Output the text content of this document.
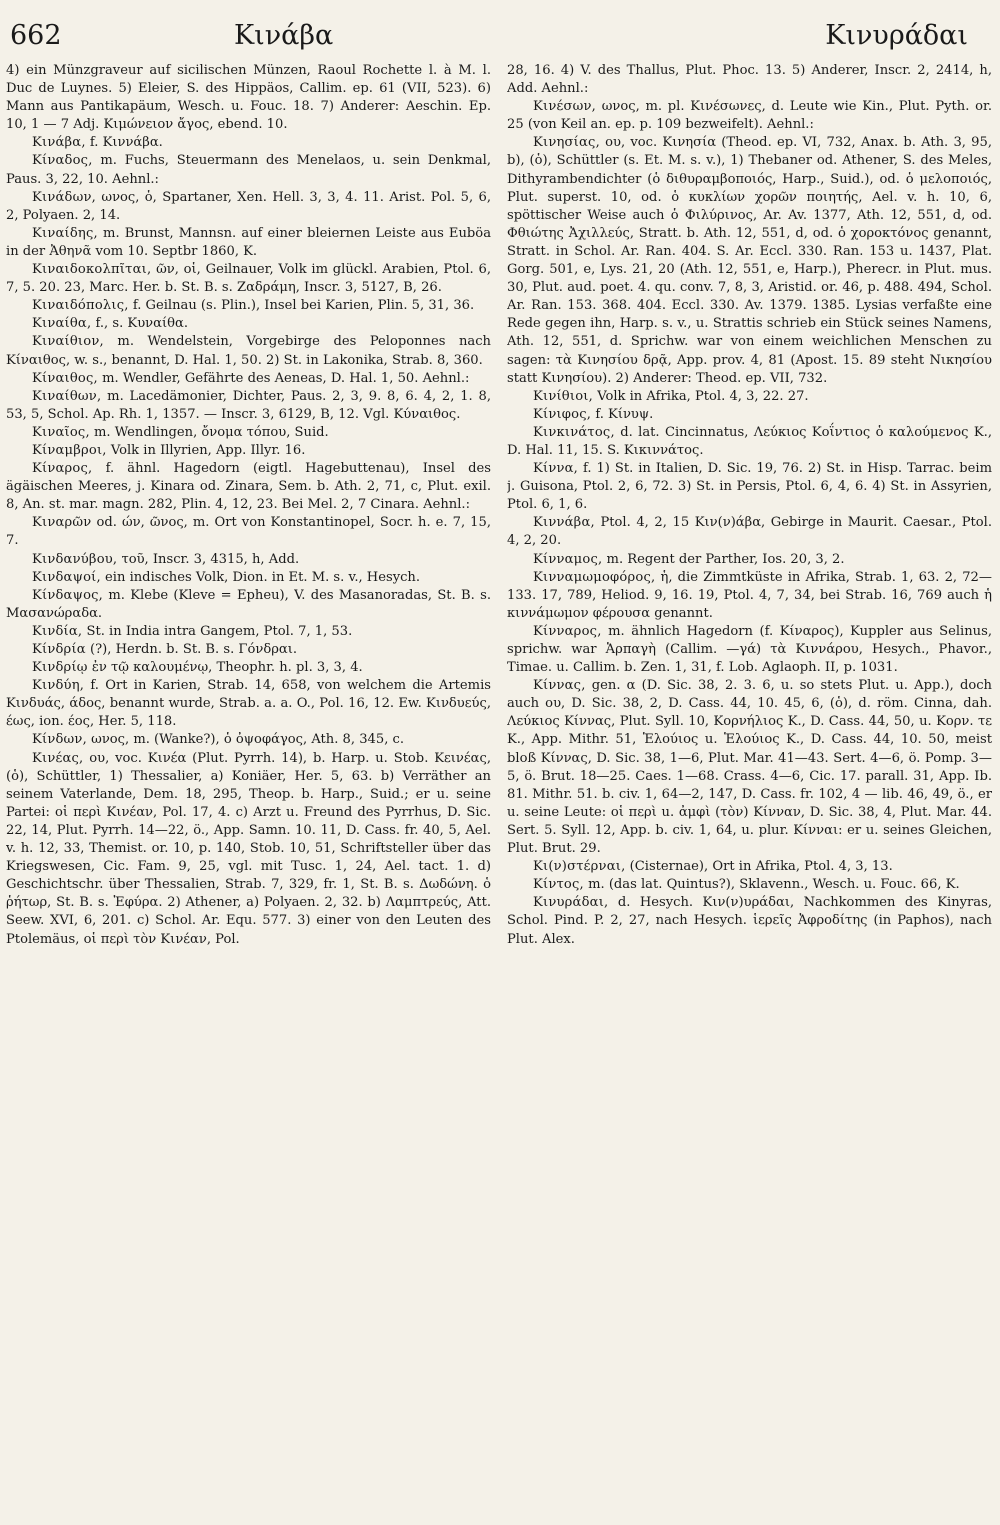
662	Κινάβα	Κινυράδαι

4) ein Münzgraveur auf sicilischen Münzen, Raoul Rochette l. à M. l. Duc de Luynes. 5) Eleier, S. des Hippäos, Callim. ep. 61 (VII, 523). 6) Mann aus Pantikapäum, Wesch. u. Fouc. 18. 7) Anderer: Aeschin. Ep. 10, 1 — 7 Adj. Κιμώνειον ἄγος, ebend. 10.

Κινάβα, f. Κιννάβα.

Κίναδος, m. Fuchs, Steuermann des Menelaos, u. sein Denkmal, Paus. 3, 22, 10. Aehnl.:

Κινάδων, ωνος, ὁ, Spartaner, Xen. Hell. 3, 3, 4. 11. Arist. Pol. 5, 6, 2, Polyaen. 2, 14.

Κιναίδης, m. Brunst, Mannsn. auf einer bleiernen Leiste aus Euböa in der Ἀθηνᾶ vom 10. Septbr 1860, K.

Κιναιδοκολπῖται, ῶν, οἱ, Geilnauer, Volk im glückl. Arabien, Ptol. 6, 7, 5. 20. 23, Marc. Her. b. St. B. s. Ζαδράμη, Inscr. 3, 5127, B, 26.

Κιναιδόπολις, f. Geilnau (s. Plin.), Insel bei Karien, Plin. 5, 31, 36.

Κιναίθα, f., s. Κυναίθα.

Κιναίθιον, m. Wendelstein, Vorgebirge des Peloponnes nach Κίναιθος, w. s., benannt, D. Hal. 1, 50. 2) St. in Lakonika, Strab. 8, 360.

Κίναιθος, m. Wendler, Gefährte des Aeneas, D. Hal. 1, 50. Aehnl.:

Κιναίθων, m. Lacedämonier, Dichter, Paus. 2, 3, 9. 8, 6. 4, 2, 1. 8, 53, 5, Schol. Ap. Rh. 1, 1357. — Inscr. 3, 6129, B, 12. Vgl. Κύναιθος.

Κιναῖος, m. Wendlingen, ὄνομα τόπου, Suid.

Κίναμβροι, Volk in Illyrien, App. Illyr. 16.

Κίναρος, f. ähnl. Hagedorn (eigtl. Hagebuttenau), Insel des ägäischen Meeres, j. Kinara od. Zinara, Sem. b. Ath. 2, 71, c, Plut. exil. 8, An. st. mar. magn. 282, Plin. 4, 12, 23. Bei Mel. 2, 7 Cinara. Aehnl.:

Κιναρῶν od. ών, ῶνος, m. Ort von Konstantinopel, Socr. h. e. 7, 15, 7.

Κινδανύβου, τοῦ, Inscr. 3, 4315, h, Add.

Κινδαψοί, ein indisches Volk, Dion. in Et. M. s. v., Hesych.

Κίνδαψος, m. Klebe (Kleve = Epheu), V. des Masanoradas, St. B. s. Μασανώραδα.

Κινδία, St. in India intra Gangem, Ptol. 7, 1, 53.

Κίνδρία (?), Herdn. b. St. B. s. Γόνδραι.

Κινδρίῳ ἐν τῷ καλουμένῳ, Theophr. h. pl. 3, 3, 4.

Κινδύη, f. Ort in Karien, Strab. 14, 658, von welchem die Artemis Κινδυάς, άδος, benannt wurde, Strab. a. a. O., Pol. 16, 12. Ew. Κινδυεύς, έως, ion. έος, Her. 5, 118.

Κίνδων, ωνος, m. (Wanke?), ὁ ὀψοφάγος, Ath. 8, 345, c.

Κινέας, ου, voc. Κινέα (Plut. Pyrrh. 14), b. Harp. u. Stob. Κεινέας, (ὁ), Schüttler, 1) Thessalier, a) Koniäer, Her. 5, 63. b) Verräther an seinem Vaterlande, Dem. 18, 295, Theop. b. Harp., Suid.; er u. seine Partei: οἱ περὶ Κινέαν, Pol. 17, 4. c) Arzt u. Freund des Pyrrhus, D. Sic. 22, 14, Plut. Pyrrh. 14—22, ö., App. Samn. 10. 11, D. Cass. fr. 40, 5, Ael. v. h. 12, 33, Themist. or. 10, p. 140, Stob. 10, 51, Schriftsteller über das Kriegswesen, Cic. Fam. 9, 25, vgl. mit Tusc. 1, 24, Ael. tact. 1. d) Geschichtschr. über Thessalien, Strab. 7, 329, fr. 1, St. B. s. Δωδώνη. ὁ ῥήτωρ, St. B. s. Ἐφύρα. 2) Athener, a) Polyaen. 2, 32. b) Λαμπτρεύς, Att. Seew. XVI, 6, 201. c) Schol. Ar. Equ. 577. 3) einer von den Leuten des Ptolemäus, οἱ περὶ τὸν Κινέαν, Pol.

28, 16. 4) V. des Thallus, Plut. Phoc. 13. 5) Anderer, Inscr. 2, 2414, h, Add. Aehnl.:

Κινέσων, ωνος, m. pl. Κινέσωνες, d. Leute wie Kin., Plut. Pyth. or. 25 (von Keil an. ep. p. 109 bezweifelt). Aehnl.:

Κινησίας, ου, voc. Κινησία (Theod. ep. VI, 732, Anax. b. Ath. 3, 95, b), (ὁ), Schüttler (s. Et. M. s. v.), 1) Thebaner od. Athener, S. des Meles, Dithyrambendichter (ὁ διθυραμβοποιός, Harp., Suid.), od. ὁ μελοποιός, Plut. superst. 10, od. ὁ κυκλίων χορῶν ποιητής, Ael. v. h. 10, 6, spöttischer Weise auch ὁ Φιλύρινος, Ar. Av. 1377, Ath. 12, 551, d, od. Φθιώτης Ἀχιλλεύς, Stratt. b. Ath. 12, 551, d, od. ὁ χοροκτόνος genannt, Stratt. in Schol. Ar. Ran. 404. S. Ar. Eccl. 330. Ran. 153 u. 1437, Plat. Gorg. 501, e, Lys. 21, 20 (Ath. 12, 551, e, Harp.), Pherecr. in Plut. mus. 30, Plut. aud. poet. 4. qu. conv. 7, 8, 3, Aristid. or. 46, p. 488. 494, Schol. Ar. Ran. 153. 368. 404. Eccl. 330. Av. 1379. 1385. Lysias verfaßte eine Rede gegen ihn, Harp. s. v., u. Strattis schrieb ein Stück seines Namens, Ath. 12, 551, d. Sprichw. war von einem weichlichen Menschen zu sagen: τὰ Κινησίου δρᾷ, App. prov. 4, 81 (Apost. 15. 89 steht Νικησίου statt Κινησίου). 2) Anderer: Theod. ep. VII, 732.

Κινίθιοι, Volk in Afrika, Ptol. 4, 3, 22. 27.

Κίνιφος, f. Κίνυψ.

Κινκινάτος, d. lat. Cincinnatus, Λεύκιος Κοΐντιος ὁ καλούμενος Κ., D. Hal. 11, 15. S. Κικιννάτος.

Κίννα, f. 1) St. in Italien, D. Sic. 19, 76. 2) St. in Hisp. Tarrac. beim j. Guisona, Ptol. 2, 6, 72. 3) St. in Persis, Ptol. 6, 4, 6. 4) St. in Assyrien, Ptol. 6, 1, 6.

Κιννάβα, Ptol. 4, 2, 15 Κιν(ν)άβα, Gebirge in Maurit. Caesar., Ptol. 4, 2, 20.

Κίνναμος, m. Regent der Parther, Ios. 20, 3, 2.

Κινναμωμοφόρος, ἡ, die Zimmtküste in Afrika, Strab. 1, 63. 2, 72—133. 17, 789, Heliod. 9, 16. 19, Ptol. 4, 7, 34, bei Strab. 16, 769 auch ἡ κιννάμωμον φέρουσα genannt.

Κίνναρος, m. ähnlich Hagedorn (f. Κίναρος), Kuppler aus Selinus, sprichw. war Ἁρπαγὴ (Callim. —γά) τὰ Κιννάρου, Hesych., Phavor., Timae. u. Callim. b. Zen. 1, 31, f. Lob. Aglaoph. II, p. 1031.

Κίννας, gen. α (D. Sic. 38, 2. 3. 6, u. so stets Plut. u. App.), doch auch ου, D. Sic. 38, 2, D. Cass. 44, 10. 45, 6, (ὁ), d. röm. Cinna, dah. Λεύκιος Κίννας, Plut. Syll. 10, Κορνήλιος Κ., D. Cass. 44, 50, u. Κορν. τε Κ., App. Mithr. 51, Ἑλούιος u. Ἑλούιος Κ., D. Cass. 44, 10. 50, meist bloß Κίννας, D. Sic. 38, 1—6, Plut. Mar. 41—43. Sert. 4—6, ö. Pomp. 3—5, ö. Brut. 18—25. Caes. 1—68. Crass. 4—6, Cic. 17. parall. 31, App. Ib. 81. Mithr. 51. b. civ. 1, 64—2, 147, D. Cass. fr. 102, 4 — lib. 46, 49, ö., er u. seine Leute: οἱ περὶ u. ἀμφὶ (τὸν) Κίνναν, D. Sic. 38, 4, Plut. Mar. 44. Sert. 5. Syll. 12, App. b. civ. 1, 64, u. plur. Κίνναι: er u. seines Gleichen, Plut. Brut. 29.

Κι(ν)στέρναι, (Cisternae), Ort in Afrika, Ptol. 4, 3, 13.

Κίντος, m. (das lat. Quintus?), Sklavenn., Wesch. u. Fouc. 66, K.

Κινυράδαι, d. Hesych. Κιν(ν)υράδαι, Nachkommen des Kinyras, Schol. Pind. P. 2, 27, nach Hesych. ἱερεῖς Ἀφροδίτης (in Paphos), nach Plut. Alex.
